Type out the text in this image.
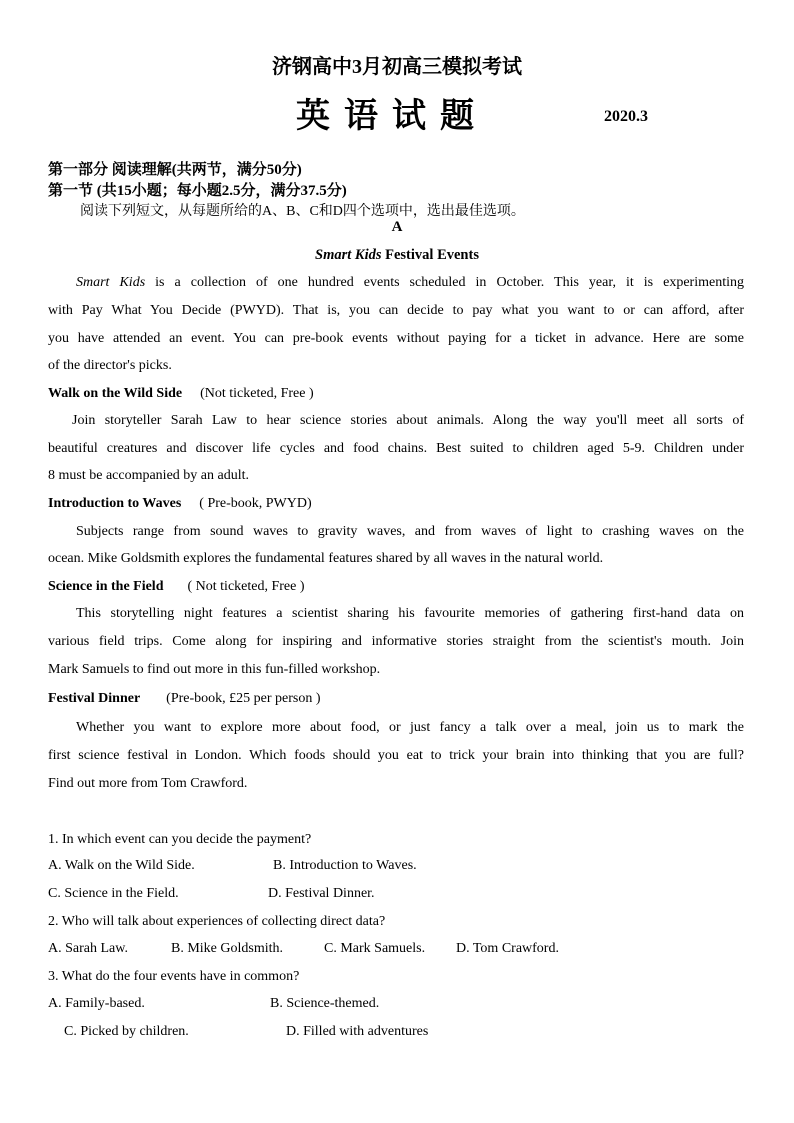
济钢高中3月初高三模拟考试
英语试题	2020.3
第一部分 阅读理解(共两节，满分50分)
第一节 (共15小题；每小题2.5分，满分37.5分)
阅读下列短文，从每题所给的A、B、C和D四个选项中，选出最佳选项。
A
Smart Kids Festival Events
Smart Kids is a collection of one hundred events scheduled in October. This year, it is experimenting
with Pay What You Decide (PWYD). That is, you can decide to pay what you want to or can afford, after
you have attended an event. You can pre-book events without paying for a ticket in advance. Here are some
of the director's picks.
Walk on the Wild Side (Not ticketed, Free )
Join storyteller Sarah Law to hear science stories about animals. Along the way you'll meet all sorts of
beautiful creatures and discover life cycles and food chains. Best suited to children aged 5-9. Children under
8 must be accompanied by an adult.
Introduction to Waves ( Pre-book, PWYD)
Subjects range from sound waves to gravity waves, and from waves of light to crashing waves on the
ocean. Mike Goldsmith explores the fundamental features shared by all waves in the natural world.
Science in the Field ( Not ticketed, Free )
This storytelling night features a scientist sharing his favourite memories of gathering first-hand data on
various field trips. Come along for inspiring and informative stories straight from the scientist's mouth. Join
Mark Samuels to find out more in this fun-filled workshop.
Festival Dinner (Pre-book, £25 per person )
Whether you want to explore more about food, or just fancy a talk over a meal, join us to mark the
first science festival in London. Which foods should you eat to trick your brain into thinking that you are full?
Find out more from Tom Crawford.
1. In which event can you decide the payment?
A. Walk on the Wild Side.	B. Introduction to Waves.
C. Science in the Field.	D. Festival Dinner.
2. Who will talk about experiences of collecting direct data?
A. Sarah Law.	B. Mike Goldsmith.	C. Mark Samuels. D. Tom Crawford.
3. What do the four events have in common?
A. Family-based.	B. Science-themed.
C. Picked by children.	D. Filled with adventures
